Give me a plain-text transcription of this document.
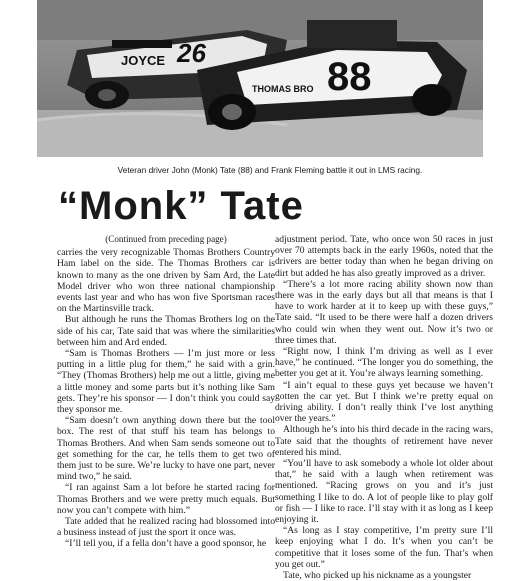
JOYCE 26
THOMAS BRO 88
Veteran driver John (Monk) Tate (88) and Frank Fleming battle it out in LMS racing.
“Monk” Tate

(Continued from preceding page)

carries the very recognizable Thomas Brothers Country Ham label on the side. The Thomas Brothers car is known to many as the one driven by Sam Ard, the Late Model driver who won three national championship events last year and who has won five Sportsman races on the Martinsville track.

But although he runs the Thomas Brothers log on the side of his car, Tate said that was where the similarities between him and Ard ended.

“Sam is Thomas Brothers — I’m just more or less putting in a little plug for them,” he said with a grin. “They (Thomas Brothers) help me out a little, giving me a little money and some parts but it’s nothing like Sam gets. They’re his sponsor — I don’t think you could say they sponsor me.

“Sam doesn’t own anything down there but the tool box. The rest of that stuff his team has belongs to Thomas Brothers. And when Sam sends someone out to get something for the car, he tells them to get two of them just to be sure. We’re lucky to have one part, never mind two,” he said.

“I ran against Sam a lot before he started racing for Thomas Brothers and we were pretty much equals. But now you can’t compete with him.”

Tate added that he realized racing had blossomed into a business instead of just the sport it once was.

“I’ll tell you, if a fella don’t have a good sponsor, he

adjustment period. Tate, who once won 50 races in just over 70 attempts back in the early 1960s, noted that the drivers are better today than when he began driving on dirt but added he has also greatly improved as a driver.

“There’s a lot more racing ability shown now than there was in the early days but all that means is that I have to work harder at it to keep up with these guys,” Tate said. “It used to be there were half a dozen drivers who could win when they went out. Now it’s two or three times that.

“Right now, I think I’m driving as well as I ever have,” he continued. “The longer you do something, the better you get at it. You’re always learning something.

“I ain’t equal to these guys yet because we haven’t gotten the car yet. But I think we’re pretty equal on driving ability. I don’t really think I’ve lost anything over the years.”

Although he’s into his third decade in the racing wars, Tate said that the thoughts of retirement have never entered his mind.

“You’ll have to ask somebody a whole lot older about that,” he said with a laugh when retirement was mentioned. “Racing grows on you and it’s just something I like to do. A lot of people like to play golf or fish — I like to race. I’ll stay with it as long as I keep enjoying it.

“As long as I stay competitive, I’m pretty sure I’ll keep enjoying what I do. It’s when you can’t be competitive that it loses some of the fun. That’s when you get out.”

Tate, who picked up his nickname as a youngster
